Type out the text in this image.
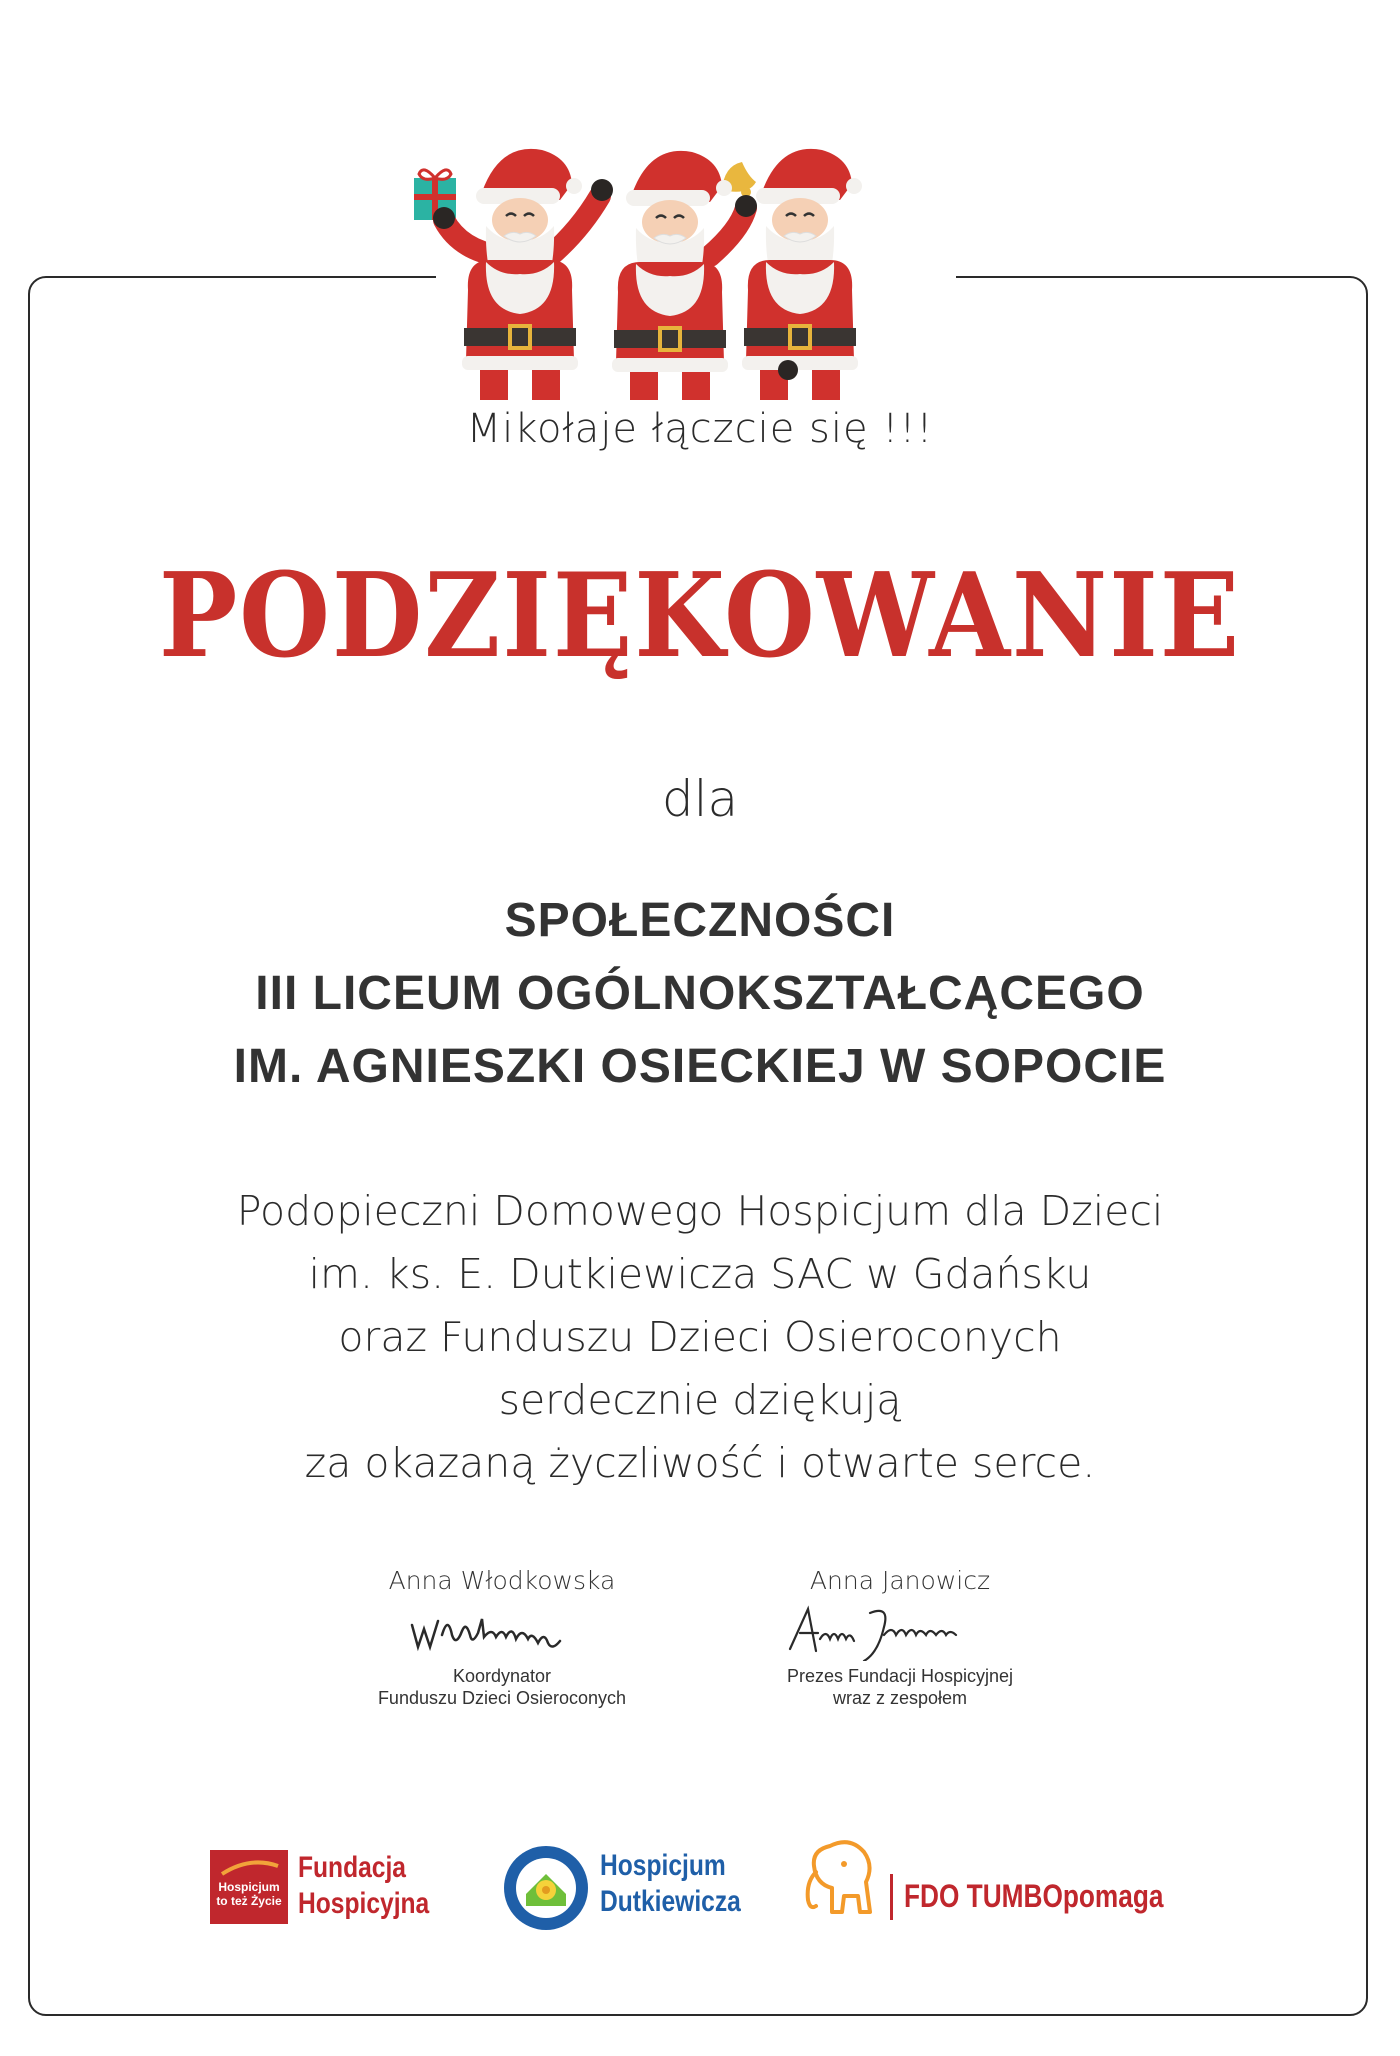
Mikołaje łączcie się !!!
PODZIĘKOWANIE
dla
SPOŁECZNOŚCI
III LICEUM OGÓLNOKSZTAŁCĄCEGO
IM. AGNIESZKI OSIECKIEJ W SOPOCIE
Podopieczni Domowego Hospicjum dla Dzieci
im. ks. E. Dutkiewicza SAC w Gdańsku
oraz Funduszu Dzieci Osieroconych
serdecznie dziękują
za okazaną życzliwość i otwarte serce.
Anna Włodkowska
Koordynator
Funduszu Dzieci Osieroconych
Anna Janowicz
Prezes Fundacji Hospicyjnej
wraz z zespołem
Hospicjum
to też Życie
Fundacja
Hospicyjna
Hospicjum
Dutkiewicza	FDO TUMBOpomaga
